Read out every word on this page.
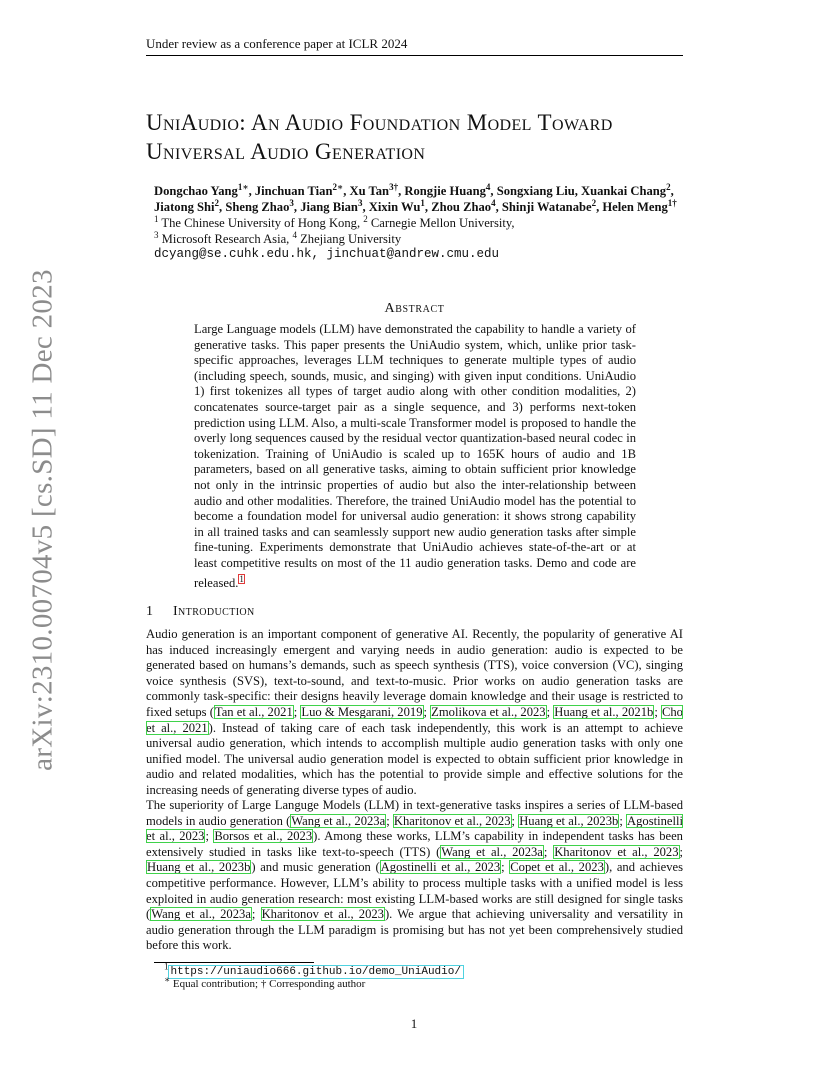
Under review as a conference paper at ICLR 2024
arXiv:2310.00704v5 [cs.SD] 11 Dec 2023
UniAudio: An Audio Foundation Model Toward
Universal Audio Generation
Dongchao Yang$^{1∗}$, Jinchuan Tian$^{2∗}$, Xu Tan$^{3\dagger}$, Rongjie Huang$^4$, Songxiang Liu, Xuankai Chang$^2$,
Jiatong Shi$^2$, Sheng Zhao$^3$, Jiang Bian$^3$, Xixin Wu$^1$, Zhou Zhao$^4$, Shinji Watanabe$^2$, Helen Meng$^{1\dagger}$
$^1$ The Chinese University of Hong Kong, $^2$ Carnegie Mellon University,
$^3$ Microsoft Research Asia, $^4$ Zhejiang University
dcyang@se.cuhk.edu.hk, jinchuat@andrew.cmu.edu
Abstract
Large Language models (LLM) have demonstrated the capability to handle a variety of generative tasks. This paper presents the UniAudio system, which, unlike prior task-specific approaches, leverages LLM techniques to generate multiple types of audio (including speech, sounds, music, and singing) with given input conditions. UniAudio 1) first tokenizes all types of target audio along with other condition modalities, 2) concatenates source-target pair as a single sequence, and 3) performs next-token prediction using LLM. Also, a multi-scale Transformer model is proposed to handle the overly long sequences caused by the residual vector quantization-based neural codec in tokenization. Training of UniAudio is scaled up to 165K hours of audio and 1B parameters, based on all generative tasks, aiming to obtain sufficient prior knowledge not only in the intrinsic properties of audio but also the inter-relationship between audio and other modalities. Therefore, the trained UniAudio model has the potential to become a foundation model for universal audio generation: it shows strong capability in all trained tasks and can seamlessly support new audio generation tasks after simple fine-tuning. Experiments demonstrate that UniAudio achieves state-of-the-art or at least competitive results on most of the 11 audio generation tasks. Demo and code are released.$^1$
1 Introduction
Audio generation is an important component of generative AI. Recently, the popularity of generative AI has induced increasingly emergent and varying needs in audio generation: audio is expected to be generated based on humans’s demands, such as speech synthesis (TTS), voice conversion (VC), singing voice synthesis (SVS), text-to-sound, and text-to-music. Prior works on audio generation tasks are commonly task-specific: their designs heavily leverage domain knowledge and their usage is restricted to fixed setups (Tan et al., 2021; Luo & Mesgarani, 2019; Zmolikova et al., 2023; Huang et al., 2021b; Cho et al., 2021). Instead of taking care of each task independently, this work is an attempt to achieve universal audio generation, which intends to accomplish multiple audio generation tasks with only one unified model. The universal audio generation model is expected to obtain sufficient prior knowledge in audio and related modalities, which has the potential to provide simple and effective solutions for the increasing needs of generating diverse types of audio.
The superiority of Large Languge Models (LLM) in text-generative tasks inspires a series of LLM-based models in audio generation (Wang et al., 2023a; Kharitonov et al., 2023; Huang et al., 2023b; Agostinelli et al., 2023; Borsos et al., 2023). Among these works, LLM’s capability in independent tasks has been extensively studied in tasks like text-to-speech (TTS) (Wang et al., 2023a; Kharitonov et al., 2023; Huang et al., 2023b) and music generation (Agostinelli et al., 2023; Copet et al., 2023), and achieves competitive performance. However, LLM’s ability to process multiple tasks with a unified model is less exploited in audio generation research: most existing LLM-based works are still designed for single tasks (Wang et al., 2023a; Kharitonov et al., 2023). We argue that achieving universality and versatility in audio generation through the LLM paradigm is promising but has not yet been comprehensively studied before this work.
$^1$ https://uniaudio666.github.io/demo_UniAudio/
∗ Equal contribution; † Corresponding author
1
